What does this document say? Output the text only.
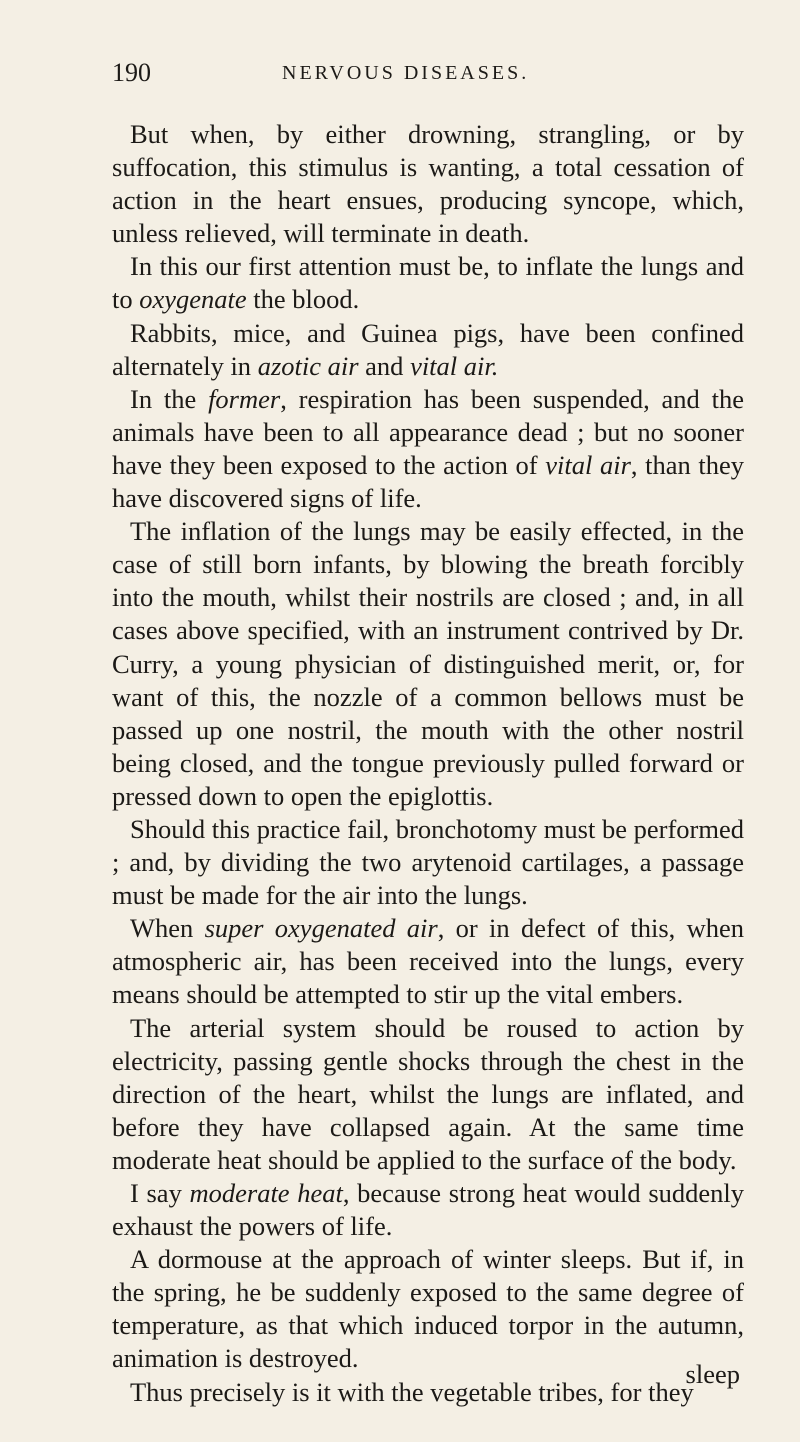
190	NERVOUS DISEASES.

But when, by either drowning, strangling, or by suffocation, this stimulus is wanting, a total cessation of action in the heart ensues, producing syncope, which, unless relieved, will terminate in death.

In this our first attention must be, to inflate the lungs and to oxygenate the blood.

Rabbits, mice, and Guinea pigs, have been confined alternately in azotic air and vital air.

In the former, respiration has been suspended, and the animals have been to all appearance dead ; but no sooner have they been exposed to the action of vital air, than they have discovered signs of life.

The inflation of the lungs may be easily effected, in the case of still born infants, by blowing the breath forcibly into the mouth, whilst their nostrils are closed ; and, in all cases above specified, with an instrument contrived by Dr. Curry, a young physician of distinguished merit, or, for want of this, the nozzle of a common bellows must be passed up one nostril, the mouth with the other nostril being closed, and the tongue previously pulled forward or pressed down to open the epiglottis.

Should this practice fail, bronchotomy must be performed ; and, by dividing the two arytenoid cartilages, a passage must be made for the air into the lungs.

When super oxygenated air, or in defect of this, when atmospheric air, has been received into the lungs, every means should be attempted to stir up the vital embers.

The arterial system should be roused to action by electricity, passing gentle shocks through the chest in the direction of the heart, whilst the lungs are inflated, and before they have collapsed again. At the same time moderate heat should be applied to the surface of the body.

I say moderate heat, because strong heat would suddenly exhaust the powers of life.

A dormouse at the approach of winter sleeps. But if, in the spring, he be suddenly exposed to the same degree of temperature, as that which induced torpor in the autumn, animation is destroyed.

Thus precisely is it with the vegetable tribes, for they

sleep
